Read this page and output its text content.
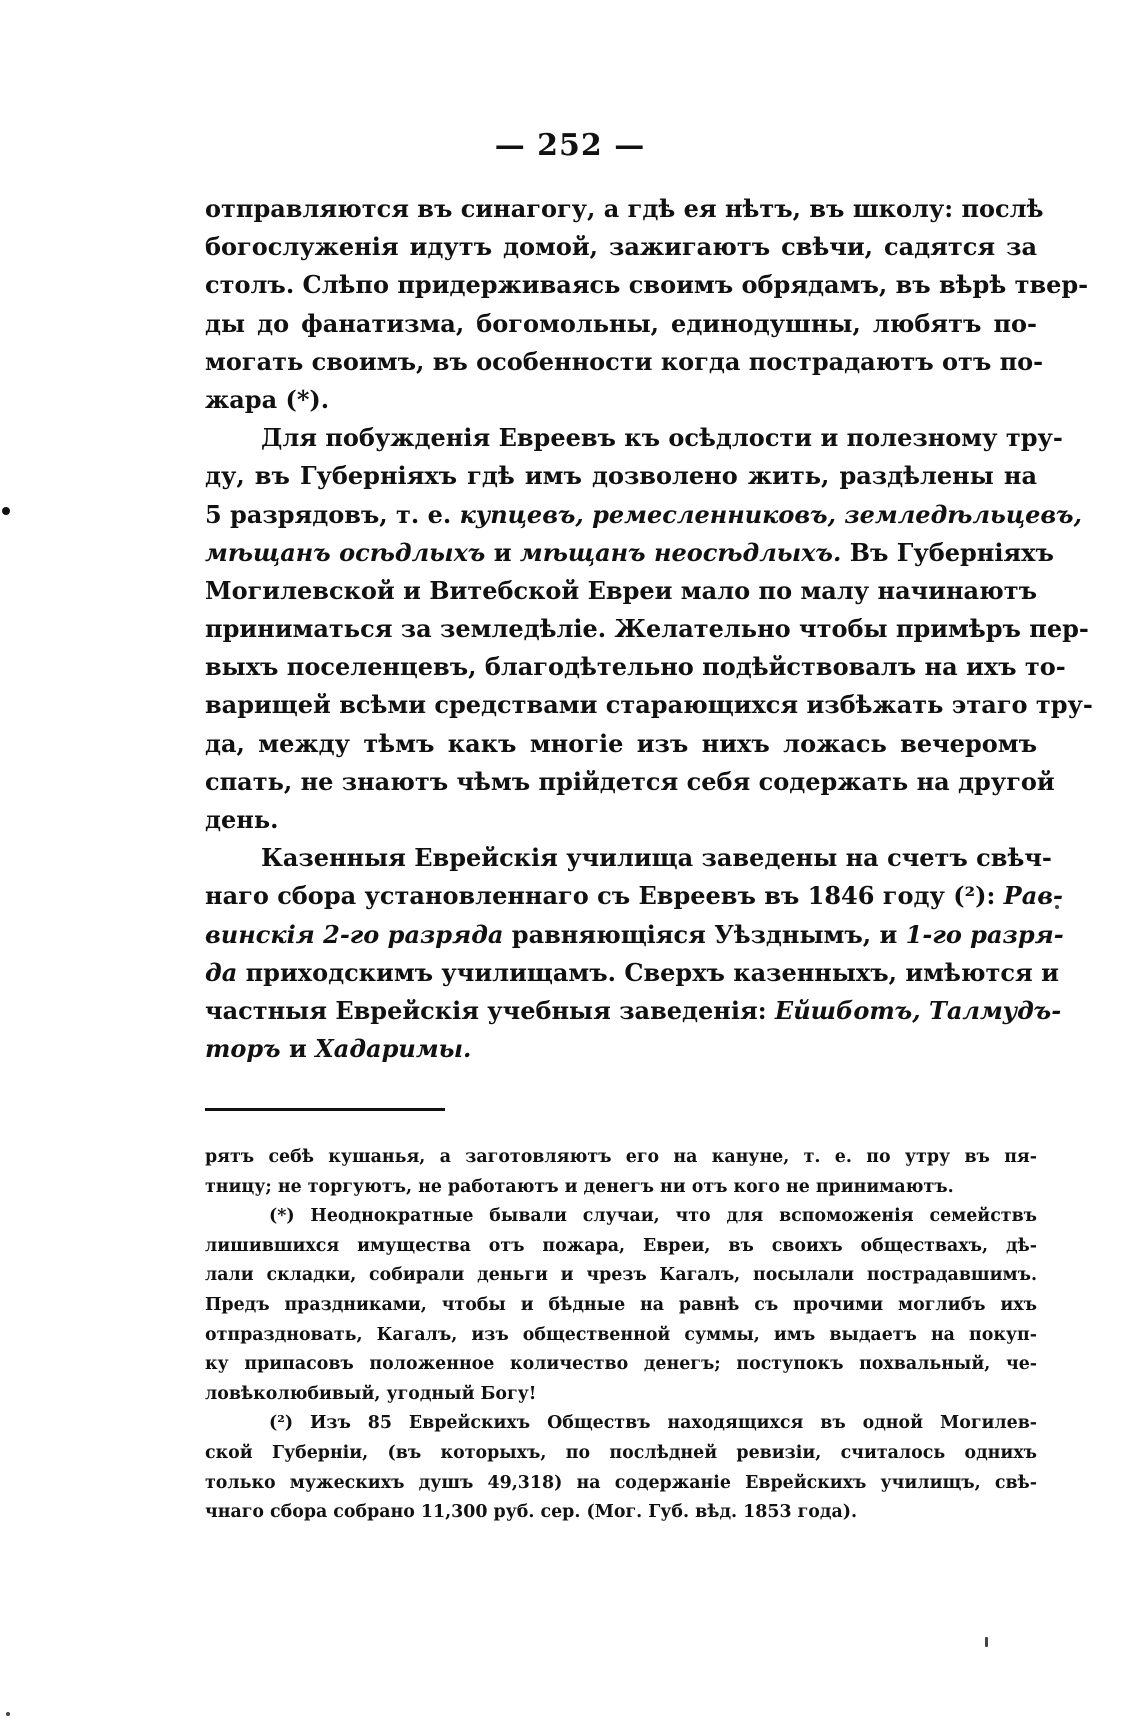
— 252 —
отправляются въ синагогу, а гдѣ ея нѣтъ, въ школу: послѣ
богослуженія идутъ домой, зажигаютъ свѣчи, садятся за
столъ. Слѣпо придерживаясь своимъ обрядамъ, въ вѣрѣ твер-
ды до фанатизма, богомольны, единодушны, любятъ по-
могать своимъ, въ особенности когда пострадаютъ отъ по-
жара (*).
Для побужденія Евреевъ къ осѣдлости и полезному тру-
ду, въ Губерніяхъ гдѣ имъ дозволено жить, раздѣлены на
5 разрядовъ, т. е. купцевъ, ремесленниковъ, земледѣльцевъ,
мѣщанъ осѣдлыхъ и мѣщанъ неосѣдлыхъ. Въ Губерніяхъ
Могилевской и Витебской Евреи мало по малу начинаютъ
приниматься за земледѣліе. Желательно чтобы примѣръ пер-
выхъ поселенцевъ, благодѣтельно подѣйствовалъ на ихъ то-
варищей всѣми средствами старающихся избѣжать этаго тру-
да, между тѣмъ какъ многіе изъ нихъ ложась вечеромъ
спать, не знаютъ чѣмъ прійдется себя содержать на другой
день.
Казенныя Еврейскія училища заведены на счетъ свѣч-
наго сбора установленнаго съ Евреевъ въ 1846 году (²): Рав-
винскія 2-го разряда равняющіяся Уѣзднымъ, и 1-го разря-
да приходскимъ училищамъ. Сверхъ казенныхъ, имѣются и
частныя Еврейскія учебныя заведенія: Ейшботъ, Талмудъ-
торъ и Хадаримы.
рятъ себѣ кушанья, а заготовляютъ его на кануне, т. е. по утру въ пя-
тницу; не торгуютъ, не работаютъ и денегъ ни отъ кого не принимаютъ.
(*) Неоднократные бывали случаи, что для вспоможенія семействъ
лишившихся имущества отъ пожара, Евреи, въ своихъ обществахъ, дѣ-
лали складки, собирали деньги и чрезъ Кагалъ, посылали пострадавшимъ.
Предъ праздниками, чтобы и бѣдные на равнѣ съ прочими моглибъ ихъ
отпраздновать, Кагалъ, изъ общественной суммы, имъ выдаетъ на покуп-
ку припасовъ положенное количество денегъ; поступокъ похвальный, че-
ловѣколюбивый, угодный Богу!
(²) Изъ 85 Еврейскихъ Обществъ находящихся въ одной Могилев-
ской Губерніи, (въ которыхъ, по послѣдней ревизіи, считалось однихъ
только мужескихъ душъ 49,318) на содержаніе Еврейскихъ училищъ, свѣ-
чнаго сбора собрано 11,300 руб. сер. (Мог. Губ. вѣд. 1853 года).
